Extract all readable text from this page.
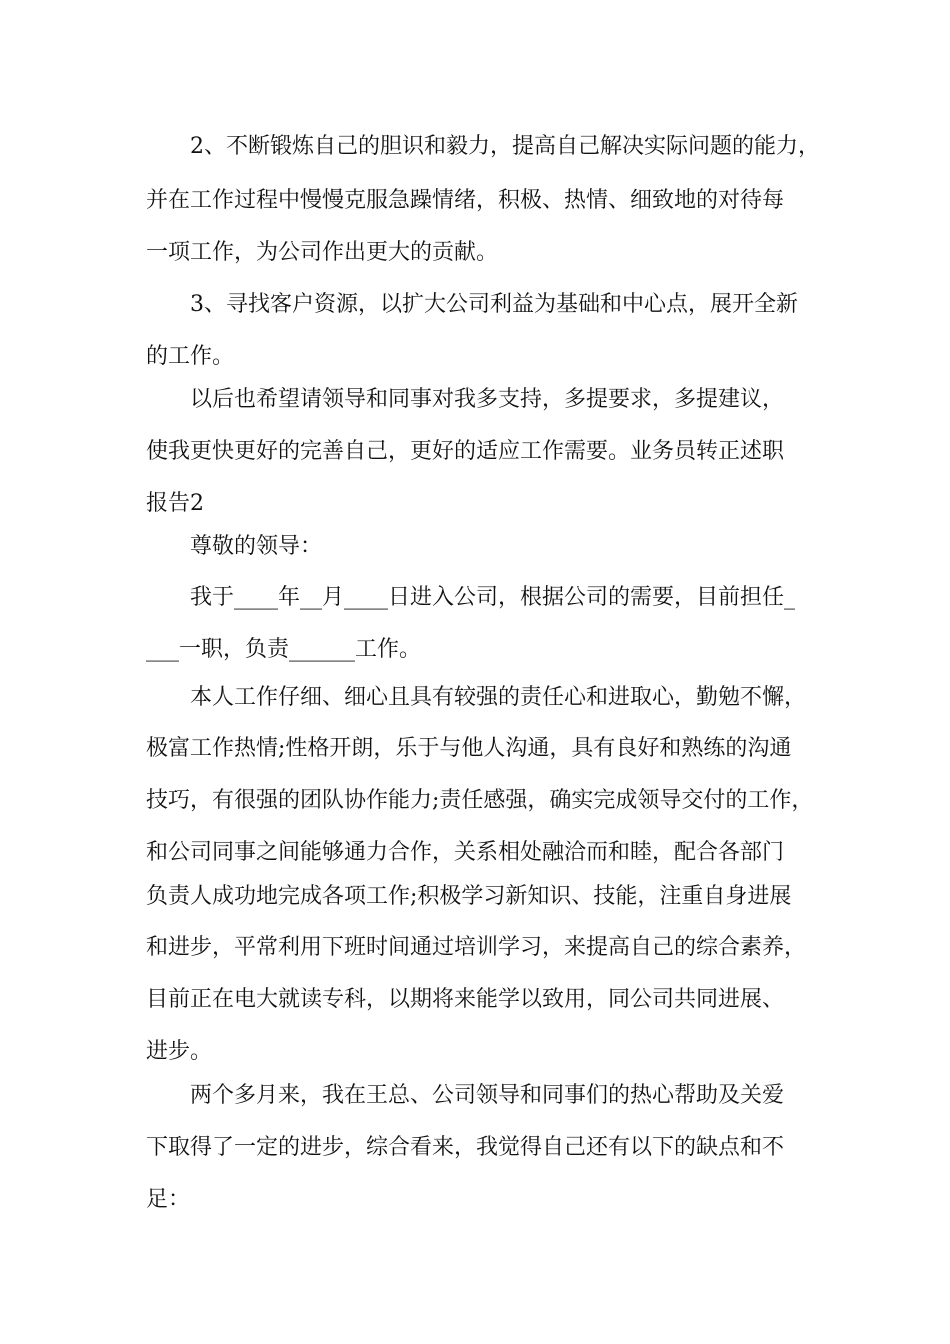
2、不断锻炼自己的胆识和毅力，提高自己解决实际问题的能力，
并在工作过程中慢慢克服急躁情绪，积极、热情、细致地的对待每
一项工作，为公司作出更大的贡献。
3、寻找客户资源，以扩大公司利益为基础和中心点，展开全新
的工作。
以后也希望请领导和同事对我多支持，多提要求，多提建议，
使我更快更好的完善自己，更好的适应工作需要。业务员转正述职
报告2
尊敬的领导：
我于____年__月____日进入公司，根据公司的需要，目前担任_
___一职，负责______工作。
本人工作仔细、细心且具有较强的责任心和进取心，勤勉不懈，
极富工作热情;性格开朗，乐于与他人沟通，具有良好和熟练的沟通
技巧，有很强的团队协作能力;责任感强，确实完成领导交付的工作，
和公司同事之间能够通力合作，关系相处融洽而和睦，配合各部门
负责人成功地完成各项工作;积极学习新知识、技能，注重自身进展
和进步，平常利用下班时间通过培训学习，来提高自己的综合素养，
目前正在电大就读专科，以期将来能学以致用，同公司共同进展、
进步。
两个多月来，我在王总、公司领导和同事们的热心帮助及关爱
下取得了一定的进步，综合看来，我觉得自己还有以下的缺点和不
足：
